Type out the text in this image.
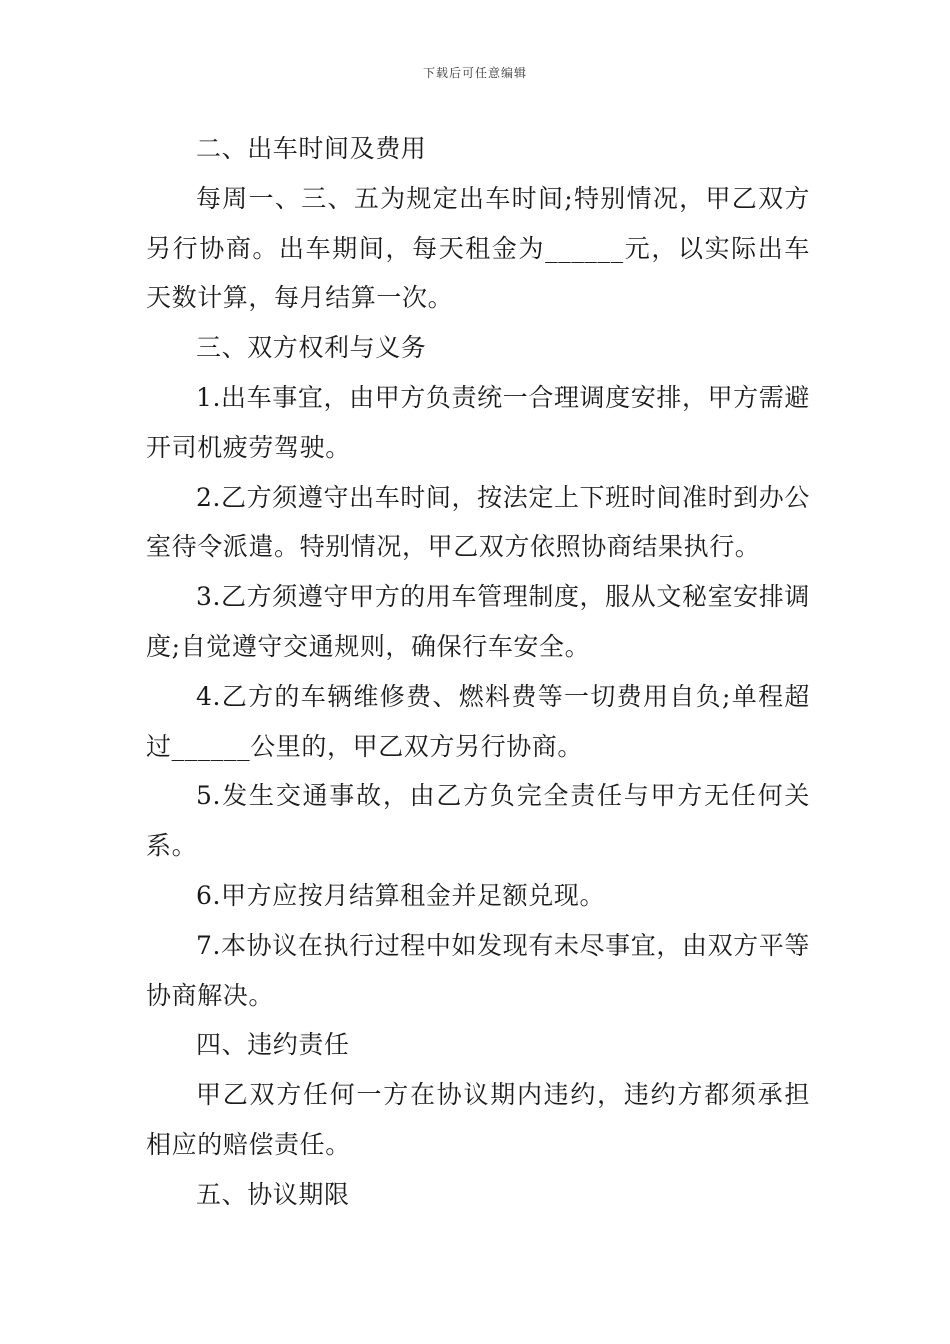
下载后可任意编辑

二、出车时间及费用

每周一、三、五为规定出车时间;特别情况，甲乙双方另行协商。出车期间，每天租金为______元，以实际出车天数计算，每月结算一次。

三、双方权利与义务

1.出车事宜，由甲方负责统一合理调度安排，甲方需避开司机疲劳驾驶。

2.乙方须遵守出车时间，按法定上下班时间准时到办公室待令派遣。特别情况，甲乙双方依照协商结果执行。

3.乙方须遵守甲方的用车管理制度，服从文秘室安排调度;自觉遵守交通规则，确保行车安全。

4.乙方的车辆维修费、燃料费等一切费用自负;单程超过______公里的，甲乙双方另行协商。

5.发生交通事故，由乙方负完全责任与甲方无任何关系。

6.甲方应按月结算租金并足额兑现。

7.本协议在执行过程中如发现有未尽事宜，由双方平等协商解决。

四、违约责任

甲乙双方任何一方在协议期内违约，违约方都须承担相应的赔偿责任。

五、协议期限
